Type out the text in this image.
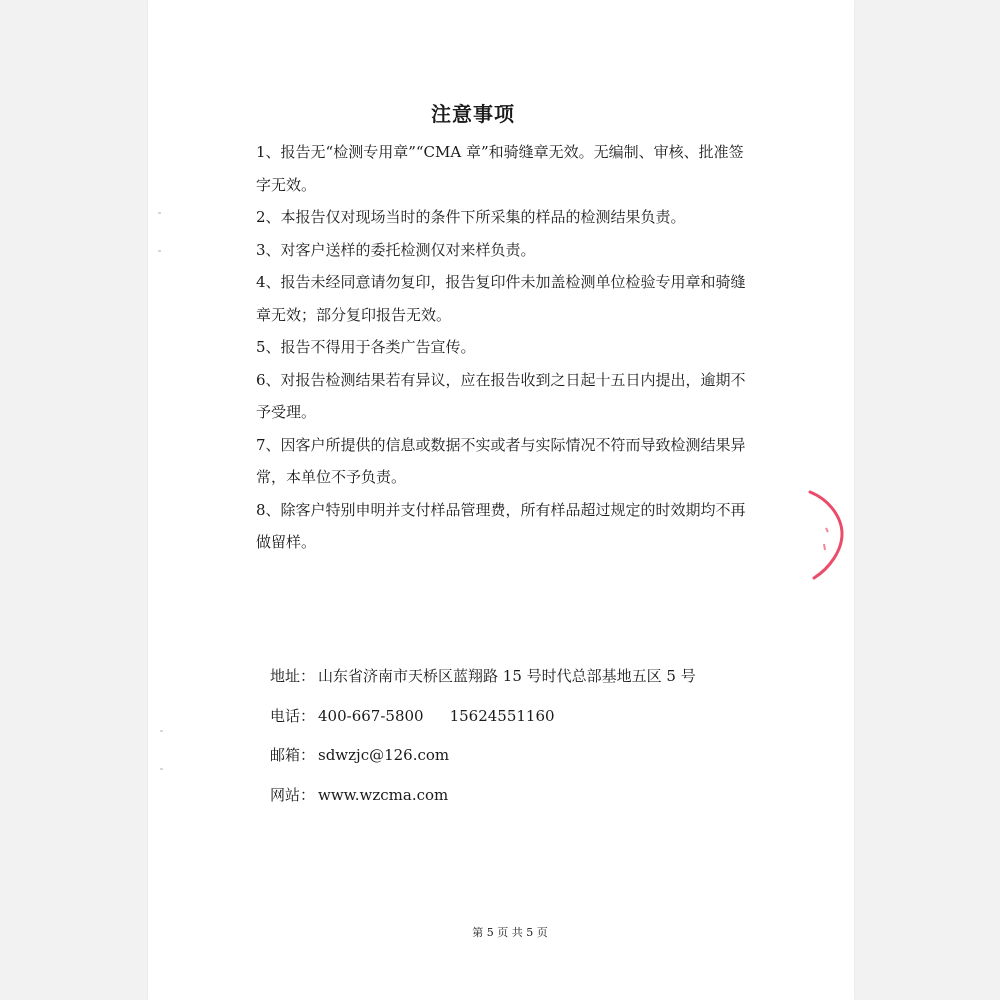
注意事项
1、报告无“检测专用章”“CMA 章”和骑缝章无效。无编制、审核、批准签字无效。
2、本报告仅对现场当时的条件下所采集的样品的检测结果负责。
3、对客户送样的委托检测仅对来样负责。
4、报告未经同意请勿复印，报告复印件未加盖检测单位检验专用章和骑缝章无效；部分复印报告无效。
5、报告不得用于各类广告宣传。
6、对报告检测结果若有异议，应在报告收到之日起十五日内提出，逾期不予受理。
7、因客户所提供的信息或数据不实或者与实际情况不符而导致检测结果异常，本单位不予负责。
8、除客户特别申明并支付样品管理费，所有样品超过规定的时效期均不再做留样。
地址： 山东省济南市天桥区蓝翔路 15 号时代总部基地五区 5 号
电话： 400-667-5800 15624551160
邮箱： sdwzjc@126.com
网站： www.wzcma.com
第 5 页 共 5 页
